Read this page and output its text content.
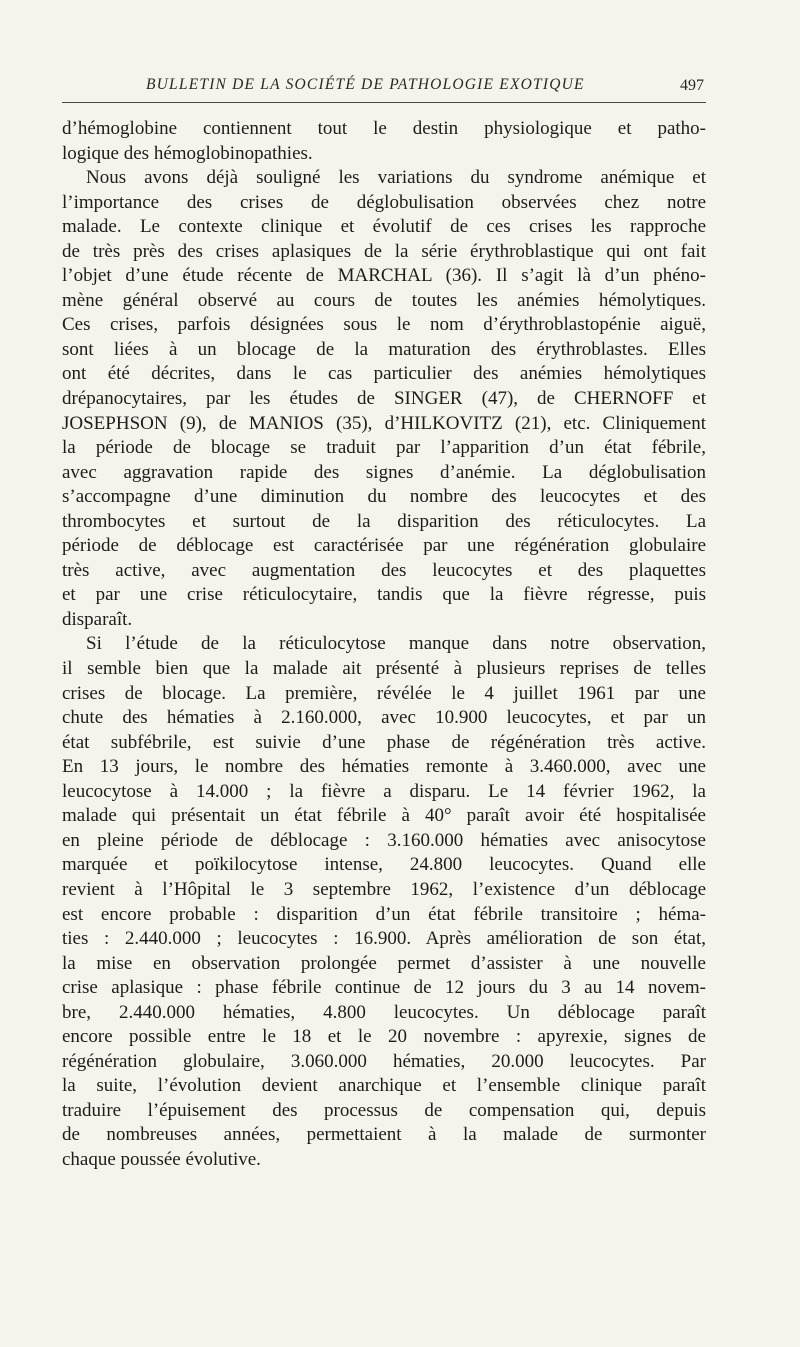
BULLETIN DE LA SOCIÉTÉ DE PATHOLOGIE EXOTIQUE	497
d’hémoglobine contiennent tout le destin physiologique et patho-
logique des hémoglobinopathies.
Nous avons déjà souligné les variations du syndrome anémique et
l’importance des crises de déglobulisation observées chez notre
malade. Le contexte clinique et évolutif de ces crises les rapproche
de très près des crises aplasiques de la série érythroblastique qui ont fait
l’objet d’une étude récente de MARCHAL (36). Il s’agit là d’un phéno-
mène général observé au cours de toutes les anémies hémolytiques.
Ces crises, parfois désignées sous le nom d’érythroblastopénie aiguë,
sont liées à un blocage de la maturation des érythroblastes. Elles
ont été décrites, dans le cas particulier des anémies hémolytiques
drépanocytaires, par les études de SINGER (47), de CHERNOFF et
JOSEPHSON (9), de MANIOS (35), d’HILKOVITZ (21), etc. Cliniquement
la période de blocage se traduit par l’apparition d’un état fébrile,
avec aggravation rapide des signes d’anémie. La déglobulisation
s’accompagne d’une diminution du nombre des leucocytes et des
thrombocytes et surtout de la disparition des réticulocytes. La
période de déblocage est caractérisée par une régénération globulaire
très active, avec augmentation des leucocytes et des plaquettes
et par une crise réticulocytaire, tandis que la fièvre régresse, puis
disparaît.
Si l’étude de la réticulocytose manque dans notre observation,
il semble bien que la malade ait présenté à plusieurs reprises de telles
crises de blocage. La première, révélée le 4 juillet 1961 par une
chute des hématies à 2.160.000, avec 10.900 leucocytes, et par un
état subfébrile, est suivie d’une phase de régénération très active.
En 13 jours, le nombre des hématies remonte à 3.460.000, avec une
leucocytose à 14.000 ; la fièvre a disparu. Le 14 février 1962, la
malade qui présentait un état fébrile à 40° paraît avoir été hospitalisée
en pleine période de déblocage : 3.160.000 hématies avec anisocytose
marquée et poïkilocytose intense, 24.800 leucocytes. Quand elle
revient à l’Hôpital le 3 septembre 1962, l’existence d’un déblocage
est encore probable : disparition d’un état fébrile transitoire ; héma-
ties : 2.440.000 ; leucocytes : 16.900. Après amélioration de son état,
la mise en observation prolongée permet d’assister à une nouvelle
crise aplasique : phase fébrile continue de 12 jours du 3 au 14 novem-
bre, 2.440.000 hématies, 4.800 leucocytes. Un déblocage paraît
encore possible entre le 18 et le 20 novembre : apyrexie, signes de
régénération globulaire, 3.060.000 hématies, 20.000 leucocytes. Par
la suite, l’évolution devient anarchique et l’ensemble clinique paraît
traduire l’épuisement des processus de compensation qui, depuis
de nombreuses années, permettaient à la malade de surmonter
chaque poussée évolutive.
